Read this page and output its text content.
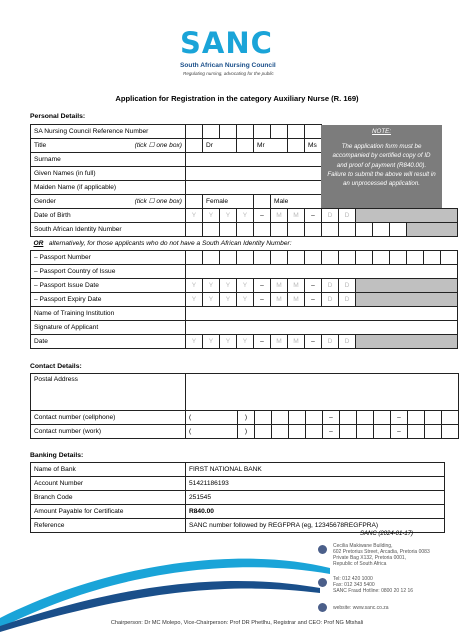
SANC
South African Nursing Council
Regulating nursing, advocating for the public
Application for Registration in the category Auxiliary Nurse (R. 169)
Personal Details:
SA Nursing Council Reference Number																
Title (tick ☐ one box)		Dr			Mr			Ms								
Surname																
Given Names (in full)																
Maiden Name (if applicable)																
Gender (tick ☐ one box)		Female				Male										
Date of Birth	Y	Y	Y	Y	–	M	M	–	D	D						
South African Identity Number																
OR alternatively, for those applicants who do not have a South African Identity Number:																
– Passport Number																
– Passport Country of Issue																
– Passport Issue Date	Y	Y	Y	Y	–	M	M	–	D	D						
– Passport Expiry Date	Y	Y	Y	Y	–	M	M	–	D	D						
Name of Training Institution																
Signature of Applicant																
Date	Y	Y	Y	Y	–	M	M	–	D	D						
NOTE:
The application form must be accompanied by certified copy of ID and proof of payment (R840.00). Failure to submit the above will result in an unprocessed application.
Contact Details:
Postal Address														
Contact number (cellphone)	(	)					–				–			
Contact number (work)	(	)					–				–			
Banking Details:
Name of Bank	FIRST NATIONAL BANK
Account Number	51421186193
Branch Code	251545
Amount Payable for Certificate	R840.00
Reference	SANC number followed by REGFPRA (eg, 12345678REGFPRA)
SANC (2024-01-17)
Cecilia Makiwane Building,
602 Pretorius Street, Arcadia, Pretoria 0083
Private Bag X132, Pretoria 0001,
Republic of South Africa
Tel: 012 420 1000
Fax: 012 343 5400
SANC Fraud Hotline: 0800 20 12 16
website: www.sanc.co.za
Chairperson: Dr MC Molepo, Vice-Chairperson: Prof DR Phetlhu, Registrar and CEO: Prof NG Mtshali
